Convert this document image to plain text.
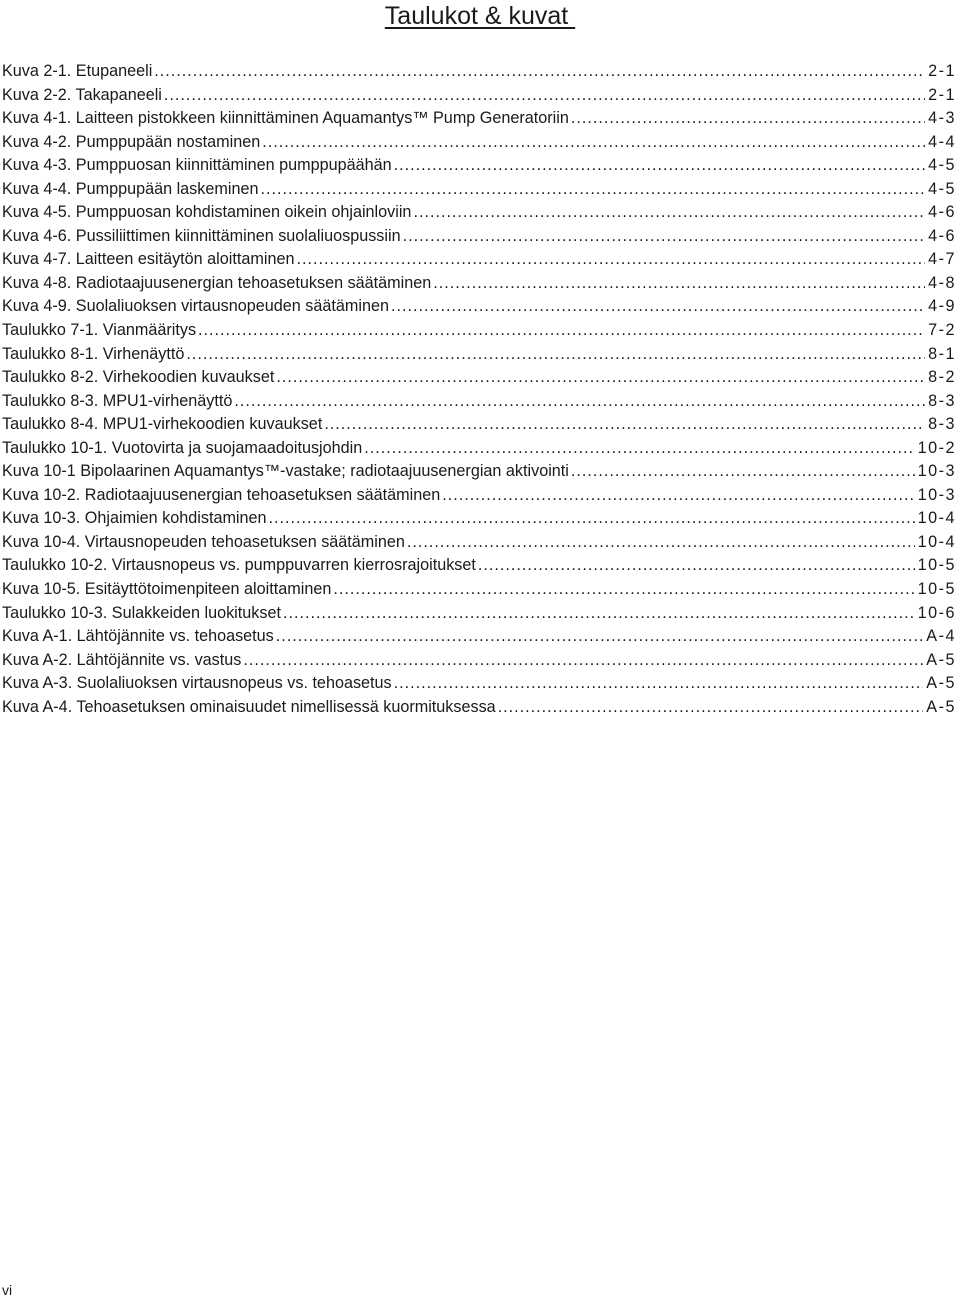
Taulukot & kuvat
Kuva 2-1. Etupaneeli .....	2-1
Kuva 2-2. Takapaneeli .....	2-1
Kuva 4-1. Laitteen pistokkeen kiinnittäminen Aquamantys™ Pump Generatoriin .....	4-3
Kuva 4-2. Pumppupään nostaminen .....	4-4
Kuva 4-3. Pumppuosan kiinnittäminen pumppupäähän .....	4-5
Kuva 4-4. Pumppupään laskeminen .....	4-5
Kuva 4-5. Pumppuosan kohdistaminen oikein ohjainloviin .....	4-6
Kuva 4-6. Pussiliittimen kiinnittäminen suolaliuospussiin .....	4-6
Kuva 4-7. Laitteen esitäytön aloittaminen .....	4-7
Kuva 4-8. Radiotaajuusenergian tehoasetuksen säätäminen .....	4-8
Kuva 4-9. Suolaliuoksen virtausnopeuden säätäminen .....	4-9
Taulukko 7-1. Vianmääritys .....	7-2
Taulukko 8-1. Virhenäyttö .....	8-1
Taulukko 8-2. Virhekoodien kuvaukset .....	8-2
Taulukko 8-3. MPU1-virhenäyttö .....	8-3
Taulukko 8-4. MPU1-virhekoodien kuvaukset .....	8-3
Taulukko 10-1. Vuotovirta ja suojamaadoitusjohdin .....	10-2
Kuva 10-1 Bipolaarinen Aquamantys™-vastake; radiotaajuusenergian aktivointi .....	10-3
Kuva 10-2. Radiotaajuusenergian tehoasetuksen säätäminen .....	10-3
Kuva 10-3. Ohjaimien kohdistaminen .....	10-4
Kuva 10-4. Virtausnopeuden tehoasetuksen säätäminen .....	10-4
Taulukko 10-2. Virtausnopeus vs. pumppuvarren kierrosrajoitukset .....	10-5
Kuva 10-5. Esitäyttötoimenpiteen aloittaminen .....	10-5
Taulukko 10-3. Sulakkeiden luokitukset .....	10-6
Kuva A-1. Lähtöjännite vs. tehoasetus .....	A-4
Kuva A-2. Lähtöjännite vs. vastus .....	A-5
Kuva A-3. Suolaliuoksen virtausnopeus vs. tehoasetus .....	A-5
Kuva A-4. Tehoasetuksen ominaisuudet nimellisessä kuormituksessa .....	A-5
vi
